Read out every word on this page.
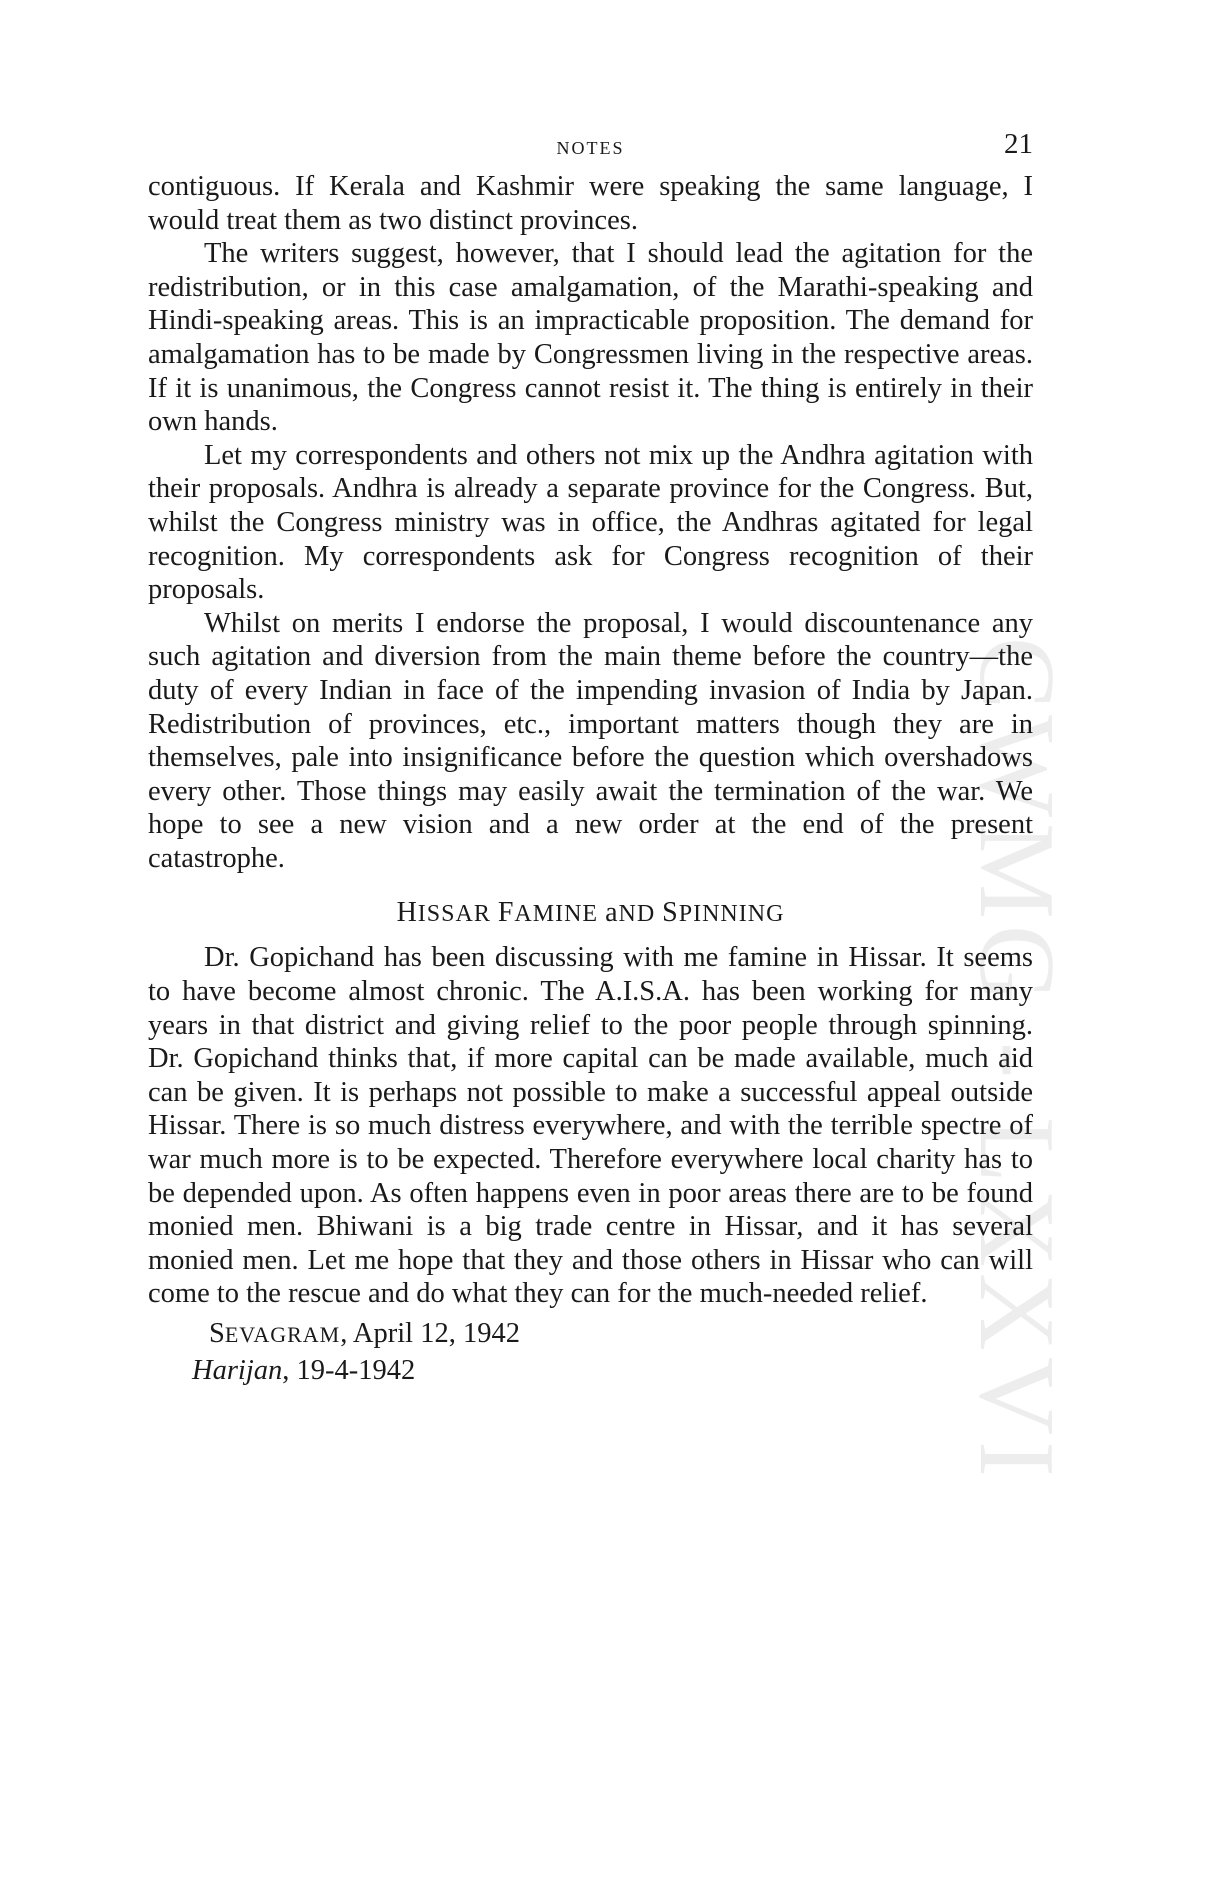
CWMG - LXXVI
NOTES	21

contiguous. If Kerala and Kashmir were speaking the same language, I would treat them as two distinct provinces.

The writers suggest, however, that I should lead the agitation for the redistribution, or in this case amalgamation, of the Marathi-speaking and Hindi-speaking areas. This is an impracticable proposition. The demand for amalgamation has to be made by Congressmen living in the respective areas. If it is unanimous, the Congress cannot resist it. The thing is entirely in their own hands.

Let my correspondents and others not mix up the Andhra agitation with their proposals. Andhra is already a separate province for the Congress. But, whilst the Congress ministry was in office, the Andhras agitated for legal recognition. My correspondents ask for Congress recognition of their proposals.

Whilst on merits I endorse the proposal, I would discountenance any such agitation and diversion from the main theme before the country—the duty of every Indian in face of the impending invasion of India by Japan. Redistribution of provinces, etc., important matters though they are in themselves, pale into insignificance before the question which overshadows every other. Those things may easily await the termination of the war. We hope to see a new vision and a new order at the end of the present catastrophe.

HISSAR FAMINE aND SPINNING

Dr. Gopichand has been discussing with me famine in Hissar. It seems to have become almost chronic. The A.I.S.A. has been working for many years in that district and giving relief to the poor people through spinning. Dr. Gopichand thinks that, if more capital can be made available, much aid can be given. It is perhaps not possible to make a successful appeal outside Hissar. There is so much distress everywhere, and with the terrible spectre of war much more is to be expected. Therefore everywhere local charity has to be depended upon. As often happens even in poor areas there are to be found monied men. Bhiwani is a big trade centre in Hissar, and it has several monied men. Let me hope that they and those others in Hissar who can will come to the rescue and do what they can for the much-needed relief.

SEVAGRAM, April 12, 1942
Harijan, 19-4-1942
